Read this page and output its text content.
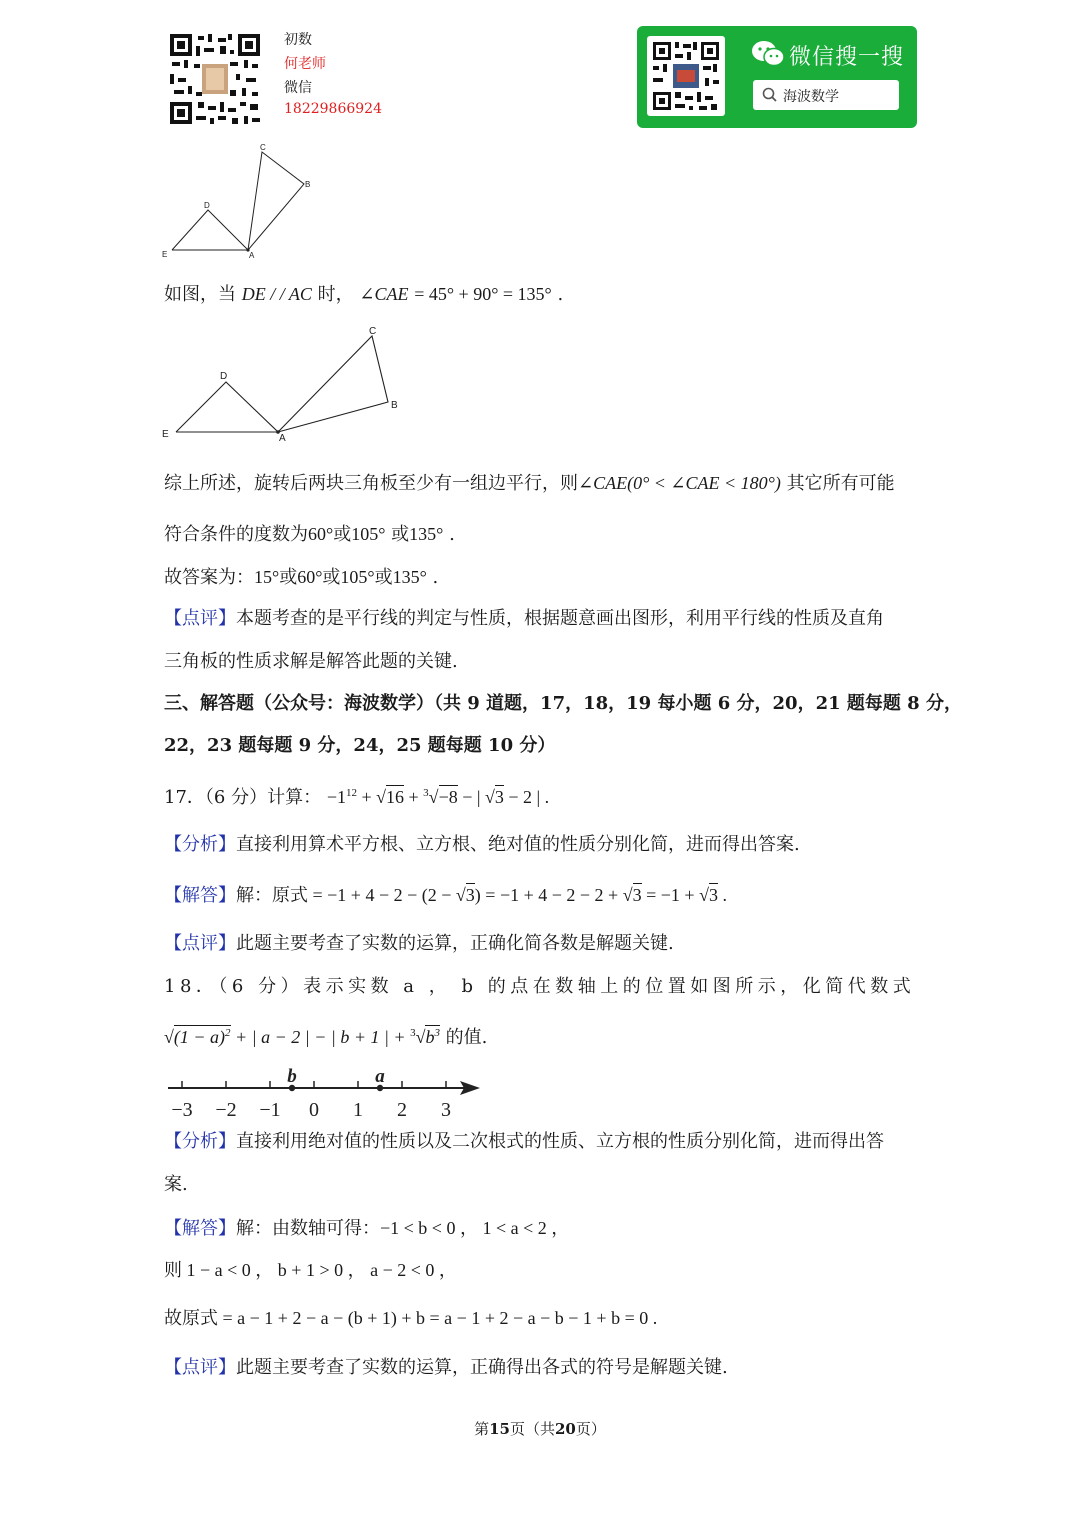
初数
何老师
微信
18229866924
微信搜一搜
海波数学
C
B
D
E	A
如图，当 DE / / AC 时， ∠CAE = 45° + 90° = 135° .
C
B
D
E	A
综上所述，旋转后两块三角板至少有一组边平行，则∠CAE(0° < ∠CAE < 180°) 其它所有可能
符合条件的度数为60°或105° 或135° .
故答案为：15°或60°或105°或135° .
【点评】本题考查的是平行线的判定与性质，根据题意画出图形，利用平行线的性质及直角
三角板的性质求解是解答此题的关键.
三、解答题（公众号：海波数学）（共 9 道题，17，18，19 每小题 6 分，20，21 题每题 8 分，
22，23 题每题 9 分，24，25 题每题 10 分）
17．（6 分）计算： $-1^{12} + √16 + ^3√-8$ − | √3 − 2 | .
【分析】直接利用算术平方根、立方根、绝对值的性质分别化简，进而得出答案.
【解答】解：原式 = −1 + 4 − 2 − (2 − √3) = −1 + 4 − 2 − 2 + √3 = −1 + √3 .
【点评】此题主要考查了实数的运算，正确化简各数是解题关键.
18．（6 分）表示实数 a ， b 的点在数轴上的位置如图所示，化简代数式
$√(1 - a)^2$ + | a − 2 | − | b + 1 | + $^3√b^3$ 的值.
−3 −2 −1 0 1 2 3
b	a
【分析】直接利用绝对值的性质以及二次根式的性质、立方根的性质分别化简，进而得出答
案.
【解答】解：由数轴可得：−1 < b < 0 ， 1 < a < 2 ，
则 1 − a < 0 ， b + 1 > 0 ， a − 2 < 0 ，
故原式 = a − 1 + 2 − a − (b + 1) + b = a − 1 + 2 − a − b − 1 + b = 0 .
【点评】此题主要考查了实数的运算，正确得出各式的符号是解题关键.
第15页（共20页）
